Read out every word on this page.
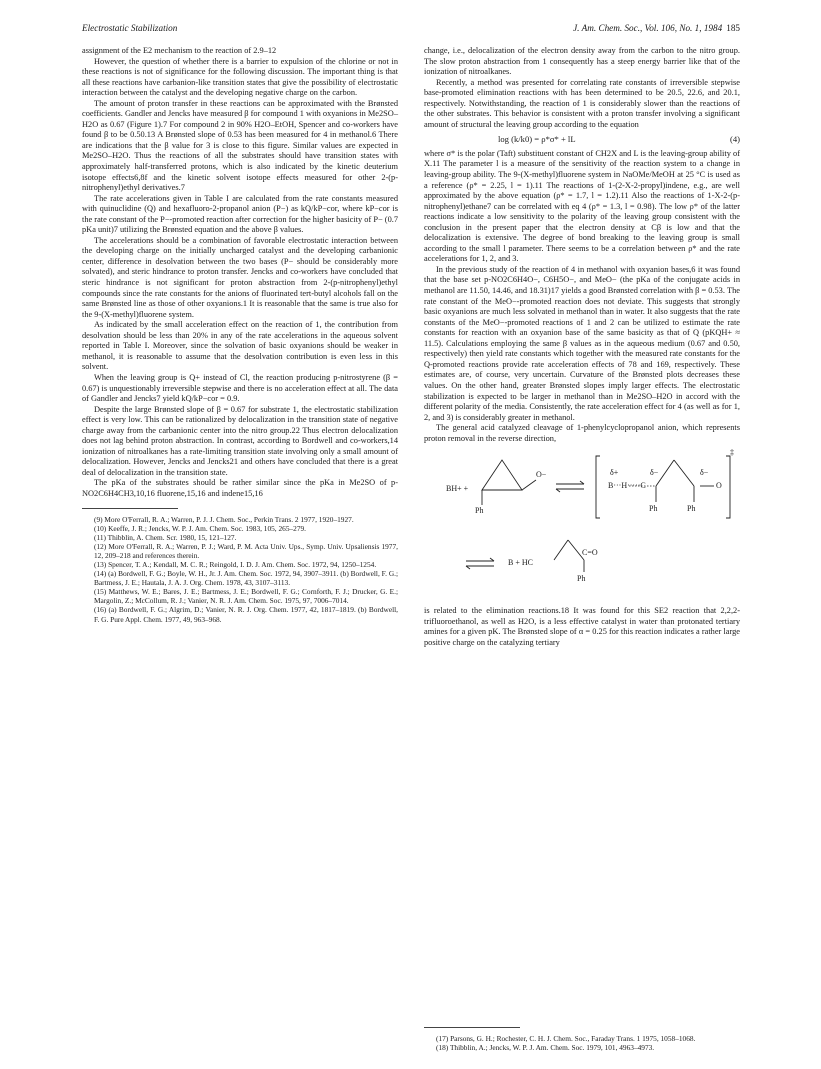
Electrostatic Stabilization	J. Am. Chem. Soc., Vol. 106, No. 1, 1984 185

assignment of the E2 mechanism to the reaction of 2.9–12

However, the question of whether there is a barrier to expulsion of the chlorine or not in these reactions is not of significance for the following discussion. The important thing is that all these reactions have carbanion-like transition states that give the possibility of electrostatic interaction between the catalyst and the developing negative charge on the carbon.

The amount of proton transfer in these reactions can be approximated with the Brønsted coefficients. Gandler and Jencks have measured β for compound 1 with oxyanions in Me2SO–H2O as 0.67 (Figure 1).7 For compound 2 in 90% H2O–EtOH, Spencer and co-workers have found β to be 0.50.13 A Brønsted slope of 0.53 has been measured for 4 in methanol.6 There are indications that the β value for 3 is close to this figure. Similar values are expected in Me2SO–H2O. Thus the reactions of all the substrates should have transition states with approximately half-transferred protons, which is also indicated by the kinetic deuterium isotope effects6,8f and the kinetic solvent isotope effects measured for other 2-(p-nitrophenyl)ethyl derivatives.7

The rate accelerations given in Table I are calculated from the rate constants measured with quinuclidine (Q) and hexafluoro-2-propanol anion (P−) as kQ/kP−cor, where kP−cor is the rate constant of the P−-promoted reaction after correction for the higher basicity of P− (0.7 pKa unit)7 utilizing the Brønsted equation and the above β values.

The accelerations should be a combination of favorable electrostatic interaction between the developing charge on the initially uncharged catalyst and the developing carbanionic center, difference in desolvation between the two bases (P− should be considerably more solvated), and steric hindrance to proton transfer. Jencks and co-workers have concluded that steric hindrance is not significant for proton abstraction from 2-(p-nitrophenyl)ethyl compounds since the rate constants for the anions of fluorinated tert-butyl alcohols fall on the same Brønsted line as those of other oxyanions.1 It is reasonable that the same is true also for the 9-(X-methyl)fluorene system.

As indicated by the small acceleration effect on the reaction of 1, the contribution from desolvation should be less than 20% in any of the rate accelerations in the aqueous solvent reported in Table I. Moreover, since the solvation of basic oxyanions should be weaker in methanol, it is reasonable to assume that the desolvation contribution is even less in this solvent.

When the leaving group is Q+ instead of Cl, the reaction producing p-nitrostyrene (β = 0.67) is unquestionably irreversible stepwise and there is no acceleration effect at all. The data of Gandler and Jencks7 yield kQ/kP−cor = 0.9.

Despite the large Brønsted slope of β = 0.67 for substrate 1, the electrostatic stabilization effect is very low. This can be rationalized by delocalization in the transition state of negative charge away from the carbanionic center into the nitro group.22 Thus electron delocalization does not lag behind proton abstraction. In contrast, according to Bordwell and co-workers,14 ionization of nitroalkanes has a rate-limiting transition state involving only a small amount of delocalization. However, Jencks and Jencks21 and others have concluded that there is a great deal of delocalization in the transition state.

The pKa of the substrates should be rather similar since the pKa in Me2SO of p-NO2C6H4CH3,10,16 fluorene,15,16 and indene15,16

(9) More O'Ferrall, R. A.; Warren, P. J. J. Chem. Soc., Perkin Trans. 2 1977, 1920–1927.

(10) Keeffe, J. R.; Jencks, W. P. J. Am. Chem. Soc. 1983, 105, 265–279.

(11) Thibblin, A. Chem. Scr. 1980, 15, 121–127.

(12) More O'Ferrall, R. A.; Warren, P. J.; Ward, P. M. Acta Univ. Ups., Symp. Univ. Upsaliensis 1977, 12, 209–218 and references therein.

(13) Spencer, T. A.; Kendall, M. C. R.; Reingold, I. D. J. Am. Chem. Soc. 1972, 94, 1250–1254.

(14) (a) Bordwell, F. G.; Boyle, W. H., Jr. J. Am. Chem. Soc. 1972, 94, 3907–3911. (b) Bordwell, F. G.; Bartmess, J. E.; Hautala, J. A. J. Org. Chem. 1978, 43, 3107–3113.

(15) Matthews, W. E.; Bares, J. E.; Bartmess, J. E.; Bordwell, F. G.; Cornforth, F. J.; Drucker, G. E.; Margolin, Z.; McCollum, R. J.; Vanier, N. R. J. Am. Chem. Soc. 1975, 97, 7006–7014.

(16) (a) Bordwell, F. G.; Algrim, D.; Vanier, N. R. J. Org. Chem. 1977, 42, 1817–1819. (b) Bordwell, F. G. Pure Appl. Chem. 1977, 49, 963–968.

change, i.e., delocalization of the electron density away from the carbon to the nitro group. The slow proton abstraction from 1 consequently has a steep energy barrier like that of the ionization of nitroalkanes.

Recently, a method was presented for correlating rate constants of irreversible stepwise base-promoted elimination reactions with has been determined to be 20.5, 22.6, and 20.1, respectively. Notwithstanding, the reaction of 1 is considerably slower than the reactions of the other substrates. This behavior is consistent with a proton transfer involving a significant amount of structural the leaving group according to the equation

log (k/k0) = ρ*σ* + lL	(4)

where σ* is the polar (Taft) substituent constant of CH2X and L is the leaving-group ability of X.11 The parameter l is a measure of the sensitivity of the reaction system to a change in leaving-group ability. The 9-(X-methyl)fluorene system in NaOMe/MeOH at 25 °C is used as a reference (ρ* = 2.25, l = 1).11 The reactions of 1-(2-X-2-propyl)indene, e.g., are well approximated by the above equation (ρ* = 1.7, l = 1.2).11 Also the reactions of 1-X-2-(p-nitrophenyl)ethane7 can be correlated with eq 4 (ρ* = 1.3, l = 0.98). The low ρ* of the latter reactions indicate a low sensitivity to the polarity of the leaving group consistent with the conclusion in the present paper that the electron density at Cβ is low and that the delocalization is extensive. The degree of bond breaking to the leaving group is small according to the small l parameter. There seems to be a correlation between ρ* and the rate accelerations for 1, 2, and 3.

In the previous study of the reaction of 4 in methanol with oxyanion bases,6 it was found that the base set p-NO2C6H4O−, C6H5O−, and MeO− (the pKa of the conjugate acids in methanol are 11.50, 14.46, and 18.31)17 yields a good Brønsted correlation with β = 0.53. The rate constant of the MeO−-promoted reaction does not deviate. This suggests that strongly basic oxyanions are much less solvated in methanol than in water. It also suggests that the rate constants of the MeO−-promoted reactions of 1 and 2 can be utilized to estimate the rate constants for reaction with an oxyanion base of the same basicity as that of Q (pKQH+ ≈ 11.5). Calculations employing the same β values as in the aqueous medium (0.67 and 0.50, respectively) then yield rate constants which together with the measured rate constants for the Q-promoted reactions provide rate acceleration effects of 78 and 169, respectively. These estimates are, of course, very uncertain. Curvature of the Brønsted plots decreases these values. On the other hand, greater Brønsted slopes imply larger effects. The electrostatic stabilization is expected to be larger in methanol than in Me2SO–H2O in accord with the different polarity of the media. Consistently, the rate acceleration effect for 4 (as well as for 1, 2, and 3) is considerably greater in methanol.

The general acid catalyzed cleavage of 1-phenylcyclopropanol anion, which represents proton removal in the reverse direction,

BH+ +
O−
Ph
δ+	δ−	δ−
B···H·····C	O
Ph	Ph
‡
B + HC
C=O
Ph

is related to the elimination reactions.18 It was found for this SE2 reaction that 2,2,2-trifluoroethanol, as well as H2O, is a less effective catalyst in water than protonated tertiary amines for a given pK. The Brønsted slope of α = 0.25 for this reaction indicates a rather large positive charge on the catalyzing tertiary

(17) Parsons, G. H.; Rochester, C. H. J. Chem. Soc., Faraday Trans. 1 1975, 1058–1068.

(18) Thibblin, A.; Jencks, W. P. J. Am. Chem. Soc. 1979, 101, 4963–4973.
